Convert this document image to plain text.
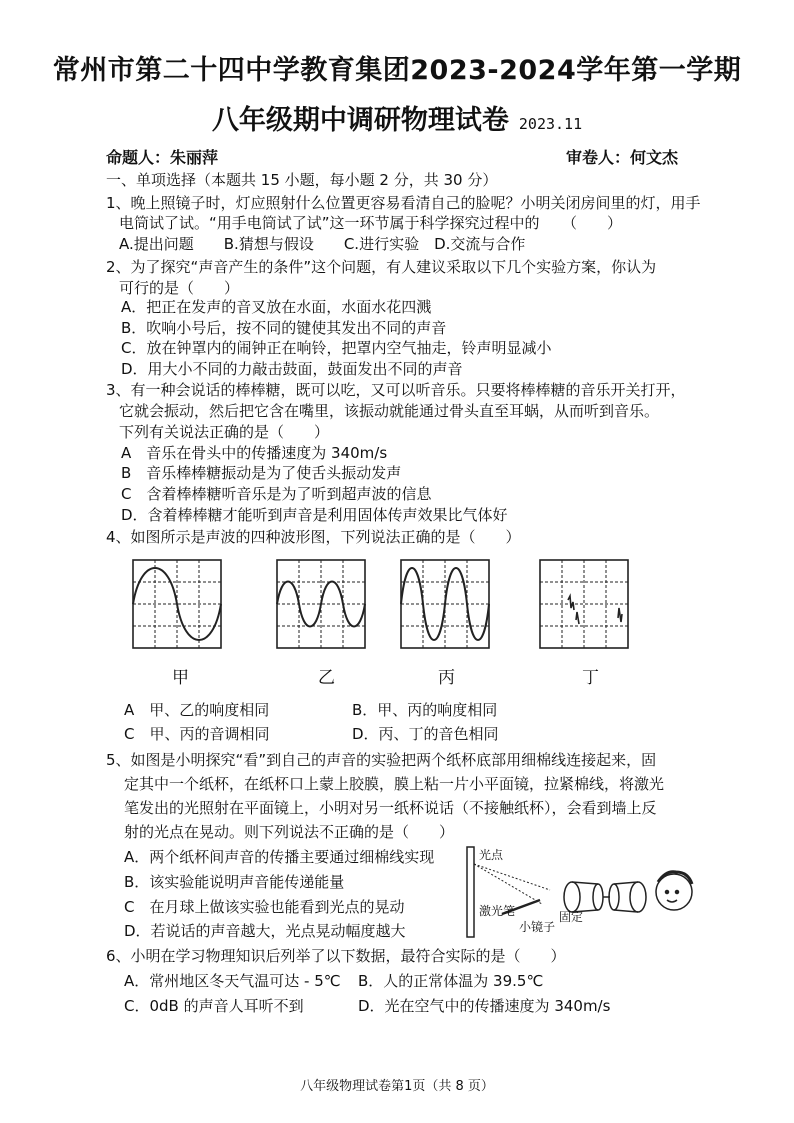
常州市第二十四中学教育集团2023-2024学年第一学期
八年级期中调研物理试卷 2023.11
命题人：朱丽萍	审卷人：何文杰
一、单项选择（本题共 15 小题，每小题 2 分，共 30 分）
1、晚上照镜子时，灯应照射什么位置更容易看清自己的脸呢？小明关闭房间里的灯，用手
电筒试了试。“用手电筒试了试”这一环节属于科学探究过程中的　　（　　）
A.提出问题　　B.猜想与假设　　C.进行实验　D.交流与合作
2、为了探究“声音产生的条件”这个问题，有人建议采取以下几个实验方案，你认为
可行的是（　　）
A．把正在发声的音叉放在水面，水面水花四溅
B．吹响小号后，按不同的键使其发出不同的声音
C．放在钟罩内的闹钟正在响铃，把罩内空气抽走，铃声明显减小
D．用大小不同的力敲击鼓面，鼓面发出不同的声音
3、有一种会说话的棒棒糖，既可以吃，又可以听音乐。只要将棒棒糖的音乐开关打开，
它就会振动，然后把它含在嘴里，该振动就能通过骨头直至耳蜗，从而听到音乐。
下列有关说法正确的是（　　）
A　音乐在骨头中的传播速度为 340m/s
B　音乐棒棒糖振动是为了使舌头振动发声
C　含着棒棒糖听音乐是为了听到超声波的信息
D．含着棒棒糖才能听到声音是利用固体传声效果比气体好
4、如图所示是声波的四种波形图，下列说法正确的是（　　）
甲	乙	丙	丁
A　甲、乙的响度相同	B．甲、丙的响度相同
C　甲、丙的音调相同	D．丙、丁的音色相同
5、如图是小明探究“看”到自己的声音的实验把两个纸杯底部用细棉线连接起来，固
定其中一个纸杯，在纸杯口上蒙上胶膜，膜上粘一片小平面镜，拉紧棉线，将激光
笔发出的光照射在平面镜上，小明对另一纸杯说话（不接触纸杯），会看到墙上反
射的光点在晃动。则下列说法不正确的是（　　）
A．两个纸杯间声音的传播主要通过细棉线实现
B．该实验能说明声音能传递能量
C　在月球上做该实验也能看到光点的晃动
D．若说话的声音越大，光点晃动幅度越大
光点
激光笔
小镜子
固定
6、小明在学习物理知识后列举了以下数据，最符合实际的是（　　）
A．常州地区冬天气温可达 - 5℃ B．人的正常体温为 39.5℃
C．0dB 的声音人耳听不到	D．光在空气中的传播速度为 340m/s
八年级物理试卷第1页（共 8 页）
